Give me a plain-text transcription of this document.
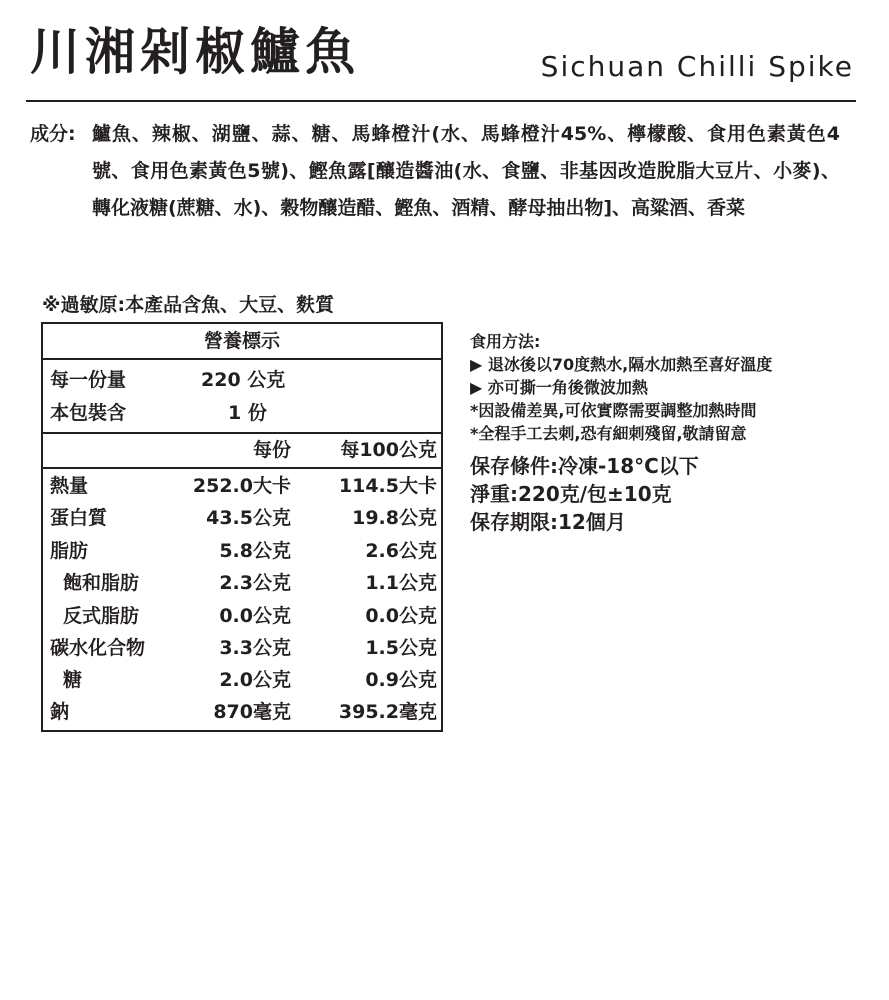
川湘剁椒鱸魚	Sichuan Chilli Spike
成分: 鱸魚、辣椒、湖鹽、蒜、糖、馬蜂橙汁(水、馬蜂橙汁45%、檸檬酸、食用色素黃色4號、食用色素黃色5號)、鰹魚露[釀造醬油(水、食鹽、非基因改造脫脂大豆片、小麥)、轉化液糖(蔗糖、水)、穀物釀造醋、鰹魚、酒精、酵母抽出物]、高粱酒、香菜
※過敏原:本產品含魚、大豆、麩質
營養標示
每一份量	220 公克
本包裝含	1 份
每份	每100公克
熱量	252.0大卡	114.5大卡
蛋白質	43.5公克	19.8公克
脂肪	5.8公克	2.6公克
飽和脂肪	2.3公克	1.1公克
反式脂肪	0.0公克	0.0公克
碳水化合物	3.3公克	1.5公克
糖	2.0公克	0.9公克
鈉	870毫克	395.2毫克
食用方法:
▶ 退冰後以70度熱水,隔水加熱至喜好溫度
▶ 亦可撕一角後微波加熱
*因設備差異,可依實際需要調整加熱時間
*全程手工去刺,恐有細刺殘留,敬請留意
保存條件:冷凍-18°C以下
淨重:220克/包±10克
保存期限:12個月
